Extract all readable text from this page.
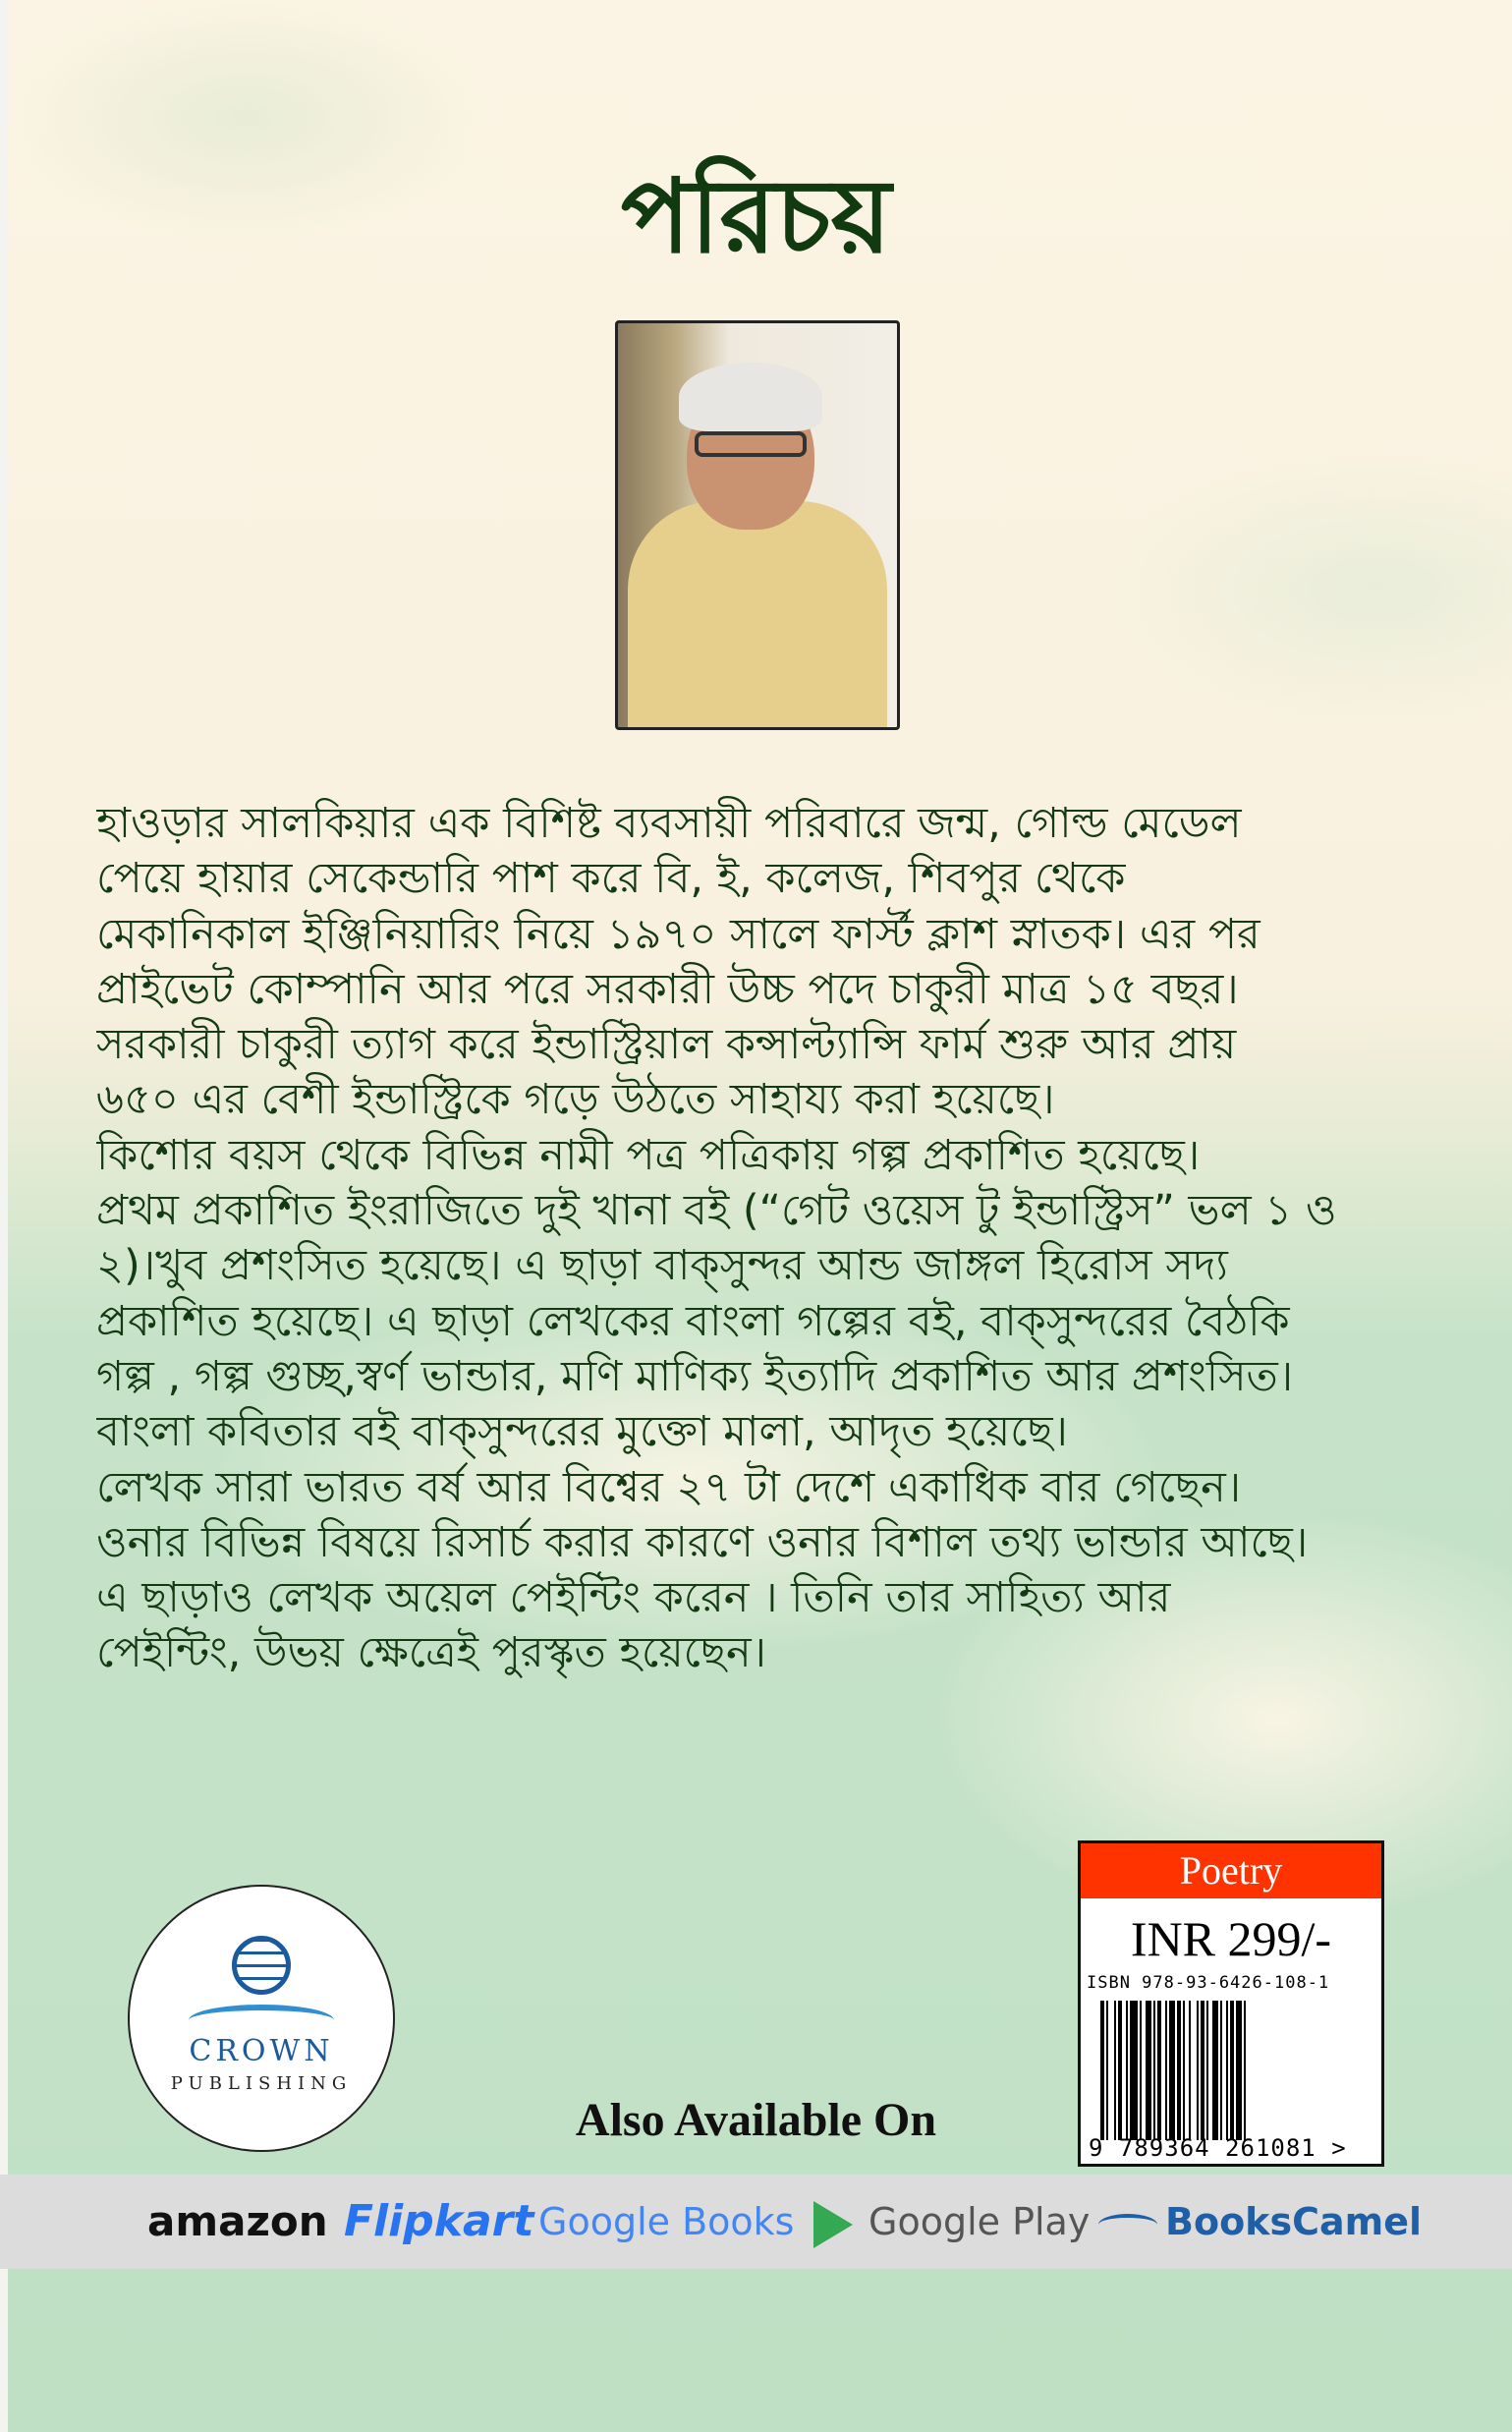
পরিচয়
হাওড়ার সালকিয়ার এক বিশিষ্ট ব্যবসায়ী পরিবারে জন্ম, গোল্ড মেডেল
পেয়ে হায়ার সেকেন্ডারি পাশ করে বি, ই, কলেজ, শিবপুর থেকে
মেকানিকাল ইঞ্জিনিয়ারিং নিয়ে ১৯৭০ সালে ফার্স্ট ক্লাশ স্নাতক। এর পর
প্রাইভেট কোম্পানি আর পরে সরকারী উচ্চ পদে চাকুরী মাত্র ১৫ বছর।
সরকারী চাকুরী ত্যাগ করে ইন্ডাস্ট্রিয়াল কন্সাল্ট্যান্সি ফার্ম শুরু আর প্রায়
৬৫০ এর বেশী ইন্ডাস্ট্রিকে গড়ে উঠতে সাহায্য করা হয়েছে।
কিশোর বয়স থেকে বিভিন্ন নামী পত্র পত্রিকায় গল্প প্রকাশিত হয়েছে।
প্রথম প্রকাশিত ইংরাজিতে দুই খানা বই (“গেট ওয়েস টু ইন্ডাস্ট্রিস” ভল ১ ও
২)।খুব প্রশংসিত হয়েছে। এ ছাড়া বাক্‌সুন্দর আন্ড জাঙ্গল হিরোস সদ্য
প্রকাশিত হয়েছে। এ ছাড়া লেখকের বাংলা গল্পের বই, বাক্‌সুন্দরের বৈঠকি
গল্প , গল্প গুচ্ছ,স্বর্ণ ভান্ডার, মণি মাণিক্য ইত্যাদি প্রকাশিত আর প্রশংসিত।
বাংলা কবিতার বই বাক্‌সুন্দরের মুক্তো মালা, আদৃত হয়েছে।
লেখক সারা ভারত বর্ষ আর বিশ্বের ২৭ টা দেশে একাধিক বার গেছেন।
ওনার বিভিন্ন বিষয়ে রিসার্চ করার কারণে ওনার বিশাল তথ্য ভান্ডার আছে।
এ ছাড়াও লেখক অয়েল পেইন্টিং করেন । তিনি তার সাহিত্য আর
পেইন্টিং, উভয় ক্ষেত্রেই পুরস্কৃত হয়েছেন।
CROWN
PUBLISHING
Poetry
INR 299/-
ISBN 978-93-6426-108-1
9 789364 261081 >
Also Available On
amazon Flipkart Google Books	Google Play	BooksCamel
